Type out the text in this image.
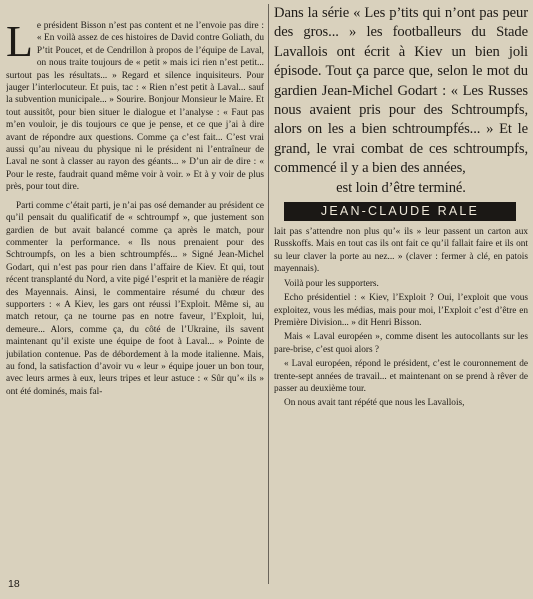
Le président Bisson n’est pas content et ne l’envoie pas dire : « En voilà assez de ces histoires de David contre Goliath, du P’tit Poucet, et de Cendrillon à propos de l’équipe de Laval, on nous traite toujours de « petit » mais ici rien n’est petit... surtout pas les résultats... » Regard et silence inquisiteurs. Pour jauger l’interlocuteur. Et puis, tac : « Rien n’est petit à Laval... sauf la subvention municipale... » Sourire. Bonjour Monsieur le Maire. Et tout aussitôt, pour bien situer le dialogue et l’analyse : « Faut pas m’en vouloir, je dis toujours ce que je pense, et ce que j’ai à dire avant de répondre aux questions. Comme ça c’est fait... C’est vrai aussi qu’au niveau du physique ni le président ni l’entraîneur de Laval ne sont à classer au rayon des géants... » D’un air de dire : « Pour le reste, faudrait quand même voir à voir. » Et à y voir de plus près, pour tout dire.

Parti comme c’était parti, je n’ai pas osé demander au président ce qu’il pensait du qualificatif de « schtroumpf », que justement son gardien de but avait balancé comme ça après le match, pour commenter la performance. « Ils nous prenaient pour des Schtroumpfs, on les a bien schtroumpfés... » Signé Jean-Michel Godart, qui n’est pas pour rien dans l’affaire de Kiev. Et qui, tout récent transplanté du Nord, a vite pigé l’esprit et la manière de réagir des Mayennais. Ainsi, le commentaire résumé du chœur des supporters : « A Kiev, les gars ont réussi l’Exploit. Même si, au match retour, ça ne tourne pas en notre faveur, l’Exploit, lui, demeure... Alors, comme ça, du côté de l’Ukraine, ils savent maintenant qu’il existe une équipe de foot à Laval... » Pointe de jubilation contenue. Pas de débordement à la mode italienne. Mais, au fond, la satisfaction d’avoir vu « leur » équipe jouer un bon tour, avec leurs armes à eux, leurs tripes et leur astuce : « Sûr qu’« ils » ont été dominés, mais fal-

Dans la série « Les p’tits qui n’ont pas peur des gros... » les footballeurs du Stade Lavallois ont écrit à Kiev un bien joli épisode. Tout ça parce que, selon le mot du gardien Jean-Michel Godart : « Les Russes nous avaient pris pour des Schtroumpfs, alors on les a bien schtroumpfés... » Et le grand, le vrai combat de ces schtroumpfs, commencé il y a bien des années,
est loin d’être terminé.

JEAN-CLAUDE RALE

lait pas s’attendre non plus qu’« ils » leur passent un carton aux Russkoffs. Mais en tout cas ils ont fait ce qu’il fallait faire et ils ont su leur claver la porte au nez... » (claver : fermer à clé, en patois mayennais).

Voilà pour les supporters.

Echo présidentiel : « Kiev, l’Exploit ? Oui, l’exploit que vous exploitez, vous les médias, mais pour moi, l’Exploit c’est d’être en Première Division... » dit Henri Bisson.

Mais « Laval européen », comme disent les autocollants sur les pare-brise, c’est quoi alors ?

« Laval européen, répond le président, c’est le couronnement de trente-sept années de travail... et maintenant on se prend à rêver de passer au deuxième tour.

On nous avait tant répété que nous les Lavallois,

18
